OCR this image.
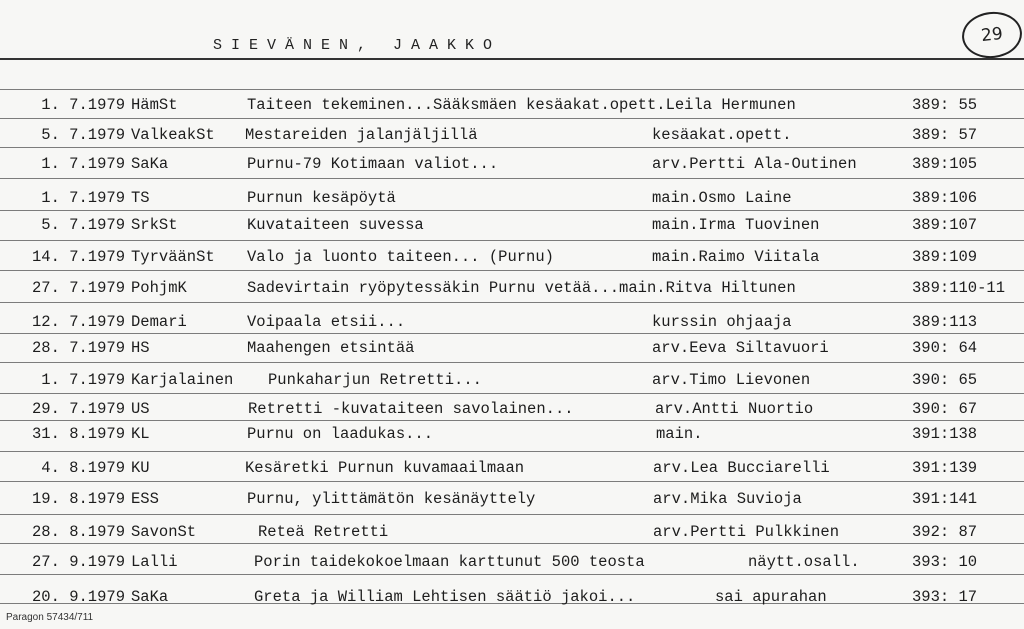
SIEVÄNEN, JAAKKO	29
1. 7.1979 HämSt	Taiteen tekeminen...Sääksmäen kesäakat.opett.Leila Hermunen	389: 55
5. 7.1979 ValkeakSt Mestareiden jalanjäljillä	kesäakat.opett.	389: 57
1. 7.1979 SaKa	Purnu-79 Kotimaan valiot...	arv.Pertti Ala-Outinen	389:105
1. 7.1979 TS	Purnun kesäpöytä	main.Osmo Laine	389:106
5. 7.1979 SrkSt	Kuvataiteen suvessa	main.Irma Tuovinen	389:107
14. 7.1979 TyrväänSt Valo ja luonto taiteen... (Purnu)	main.Raimo Viitala	389:109
27. 7.1979 PohjmK	Sadevirtain ryöpytessäkin Purnu vetää...main.Ritva Hiltunen	389:110-11
12. 7.1979 Demari	Voipaala etsii...	kurssin ohjaaja	389:113
28. 7.1979 HS	Maahengen etsintää	arv.Eeva Siltavuori	390: 64
1. 7.1979 Karjalainen Punkaharjun Retretti...	arv.Timo Lievonen	390: 65
29. 7.1979 US	Retretti -kuvataiteen savolainen...	arv.Antti Nuortio	390: 67
31. 8.1979 KL	Purnu on laadukas...	main.	391:138
4. 8.1979 KU	Kesäretki Purnun kuvamaailmaan	arv.Lea Bucciarelli	391:139
19. 8.1979 ESS	Purnu, ylittämätön kesänäyttely	arv.Mika Suvioja	391:141
28. 8.1979 SavonSt	Reteä Retretti	arv.Pertti Pulkkinen	392: 87
27. 9.1979 Lalli	Porin taidekokoelmaan karttunut 500 teosta	näytt.osall.	393: 10
20. 9.1979 SaKa	Greta ja William Lehtisen säätiö jakoi...	sai apurahan	393: 17
Paragon 57434/711
